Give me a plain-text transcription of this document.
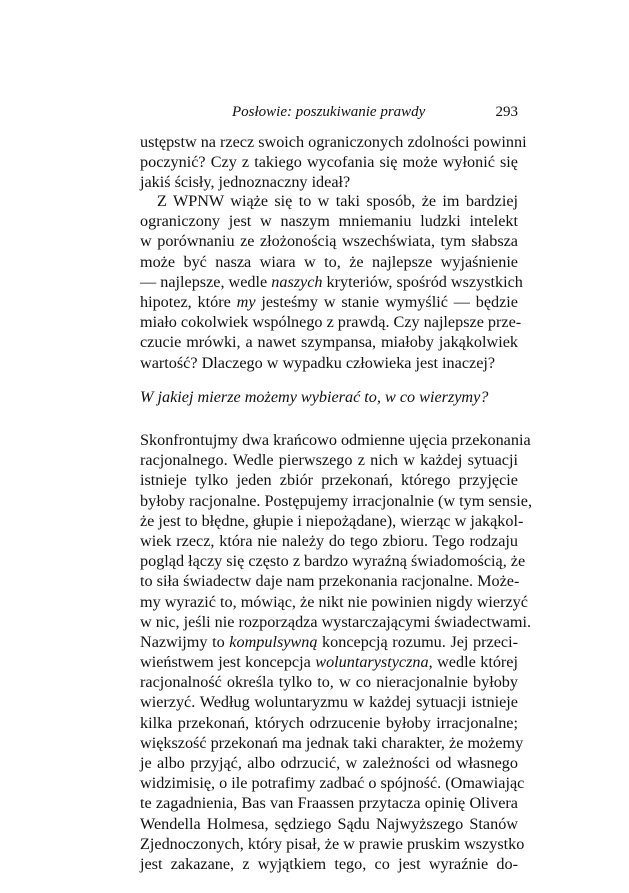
Posłowie: poszukiwanie prawdy	293
ustępstw na rzecz swoich ograniczonych zdolności powinni
poczynić? Czy z takiego wycofania się może wyłonić się
jakiś ścisły, jednoznaczny ideał?
Z WPNW wiąże się to w taki sposób, że im bardziej
ograniczony jest w naszym mniemaniu ludzki intelekt
w porównaniu ze złożonością wszechświata, tym słabsza
może być nasza wiara w to, że najlepsze wyjaśnienie
— najlepsze, wedle naszych kryteriów, spośród wszystkich
hipotez, które my jesteśmy w stanie wymyślić — będzie
miało cokolwiek wspólnego z prawdą. Czy najlepsze prze-
czucie mrówki, a nawet szympansa, miałoby jakąkolwiek
wartość? Dlaczego w wypadku człowieka jest inaczej?
W jakiej mierze możemy wybierać to, w co wierzymy?
Skonfrontujmy dwa krańcowo odmienne ujęcia przekonania
racjonalnego. Wedle pierwszego z nich w każdej sytuacji
istnieje tylko jeden zbiór przekonań, którego przyjęcie
byłoby racjonalne. Postępujemy irracjonalnie (w tym sensie,
że jest to błędne, głupie i niepożądane), wierząc w jakąkol-
wiek rzecz, która nie należy do tego zbioru. Tego rodzaju
pogląd łączy się często z bardzo wyraźną świadomością, że
to siła świadectw daje nam przekonania racjonalne. Może-
my wyrazić to, mówiąc, że nikt nie powinien nigdy wierzyć
w nic, jeśli nie rozporządza wystarczającymi świadectwami.
Nazwijmy to kompulsywną koncepcją rozumu. Jej przeci-
wieństwem jest koncepcja woluntarystyczna, wedle której
racjonalność określa tylko to, w co nieracjonalnie byłoby
wierzyć. Według woluntaryzmu w każdej sytuacji istnieje
kilka przekonań, których odrzucenie byłoby irracjonalne;
większość przekonań ma jednak taki charakter, że możemy
je albo przyjąć, albo odrzucić, w zależności od własnego
widzimisię, o ile potrafimy zadbać o spójność. (Omawiając
te zagadnienia, Bas van Fraassen przytacza opinię Olivera
Wendella Holmesa, sędziego Sądu Najwyższego Stanów
Zjednoczonych, który pisał, że w prawie pruskim wszystko
jest zakazane, z wyjątkiem tego, co jest wyraźnie do-
